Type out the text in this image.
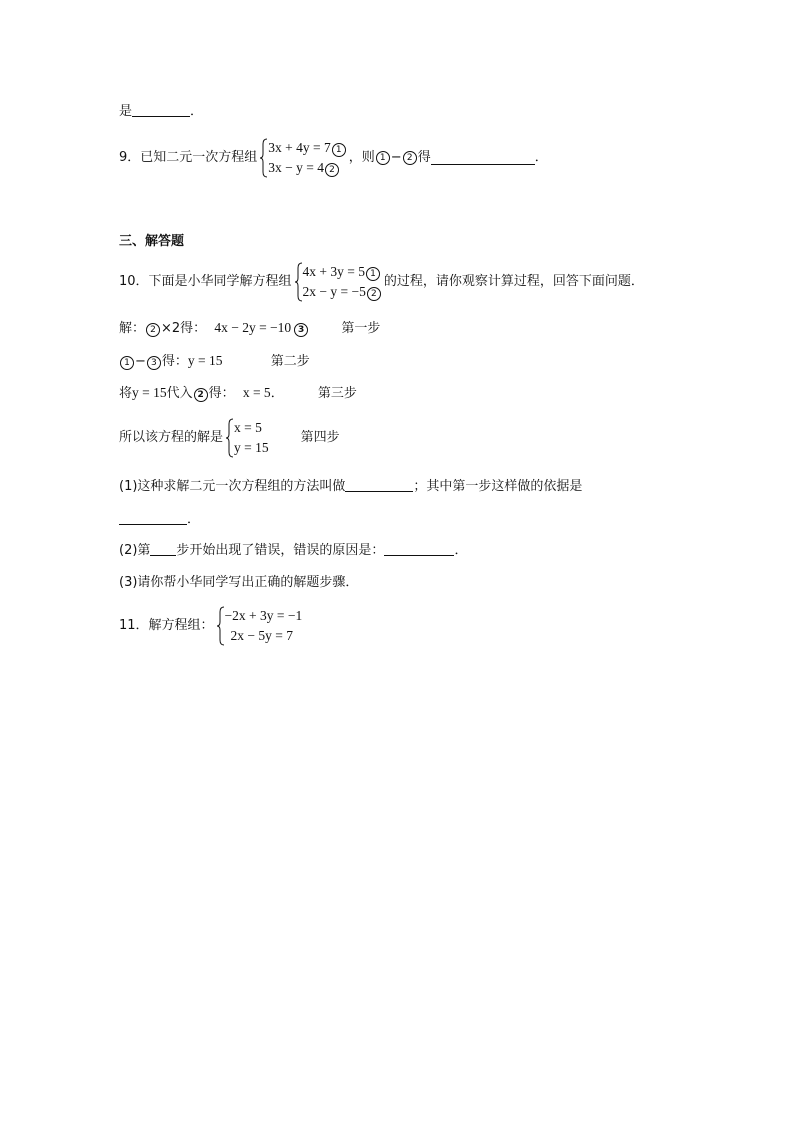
是	．
9．已知二元一次方程组
3x + 4y = 7 1
3x − y = 4 2
，则 1 − 2 得	．
三、解答题
10．下面是小华同学解方程组
4x + 3y = 5 1
2x − y = −5 2
的过程，请你观察计算过程，回答下面问题．
解： 2 ×2得： 4x − 2y = −10 3	第一步
1 − 3 得：y = 15	第二步
将y = 15代入 2 得： x = 5．	第三步
所以该方程的解是
x = 5
y = 15
第四步
(1)这种求解二元一次方程组的方法叫做	；其中第一步这样做的依据是
．
(2)第 步开始出现了错误，错误的原因是：	．
(3)请你帮小华同学写出正确的解题步骤．
11．解方程组：
−2x + 3y = −1
2x − 5y = 7
